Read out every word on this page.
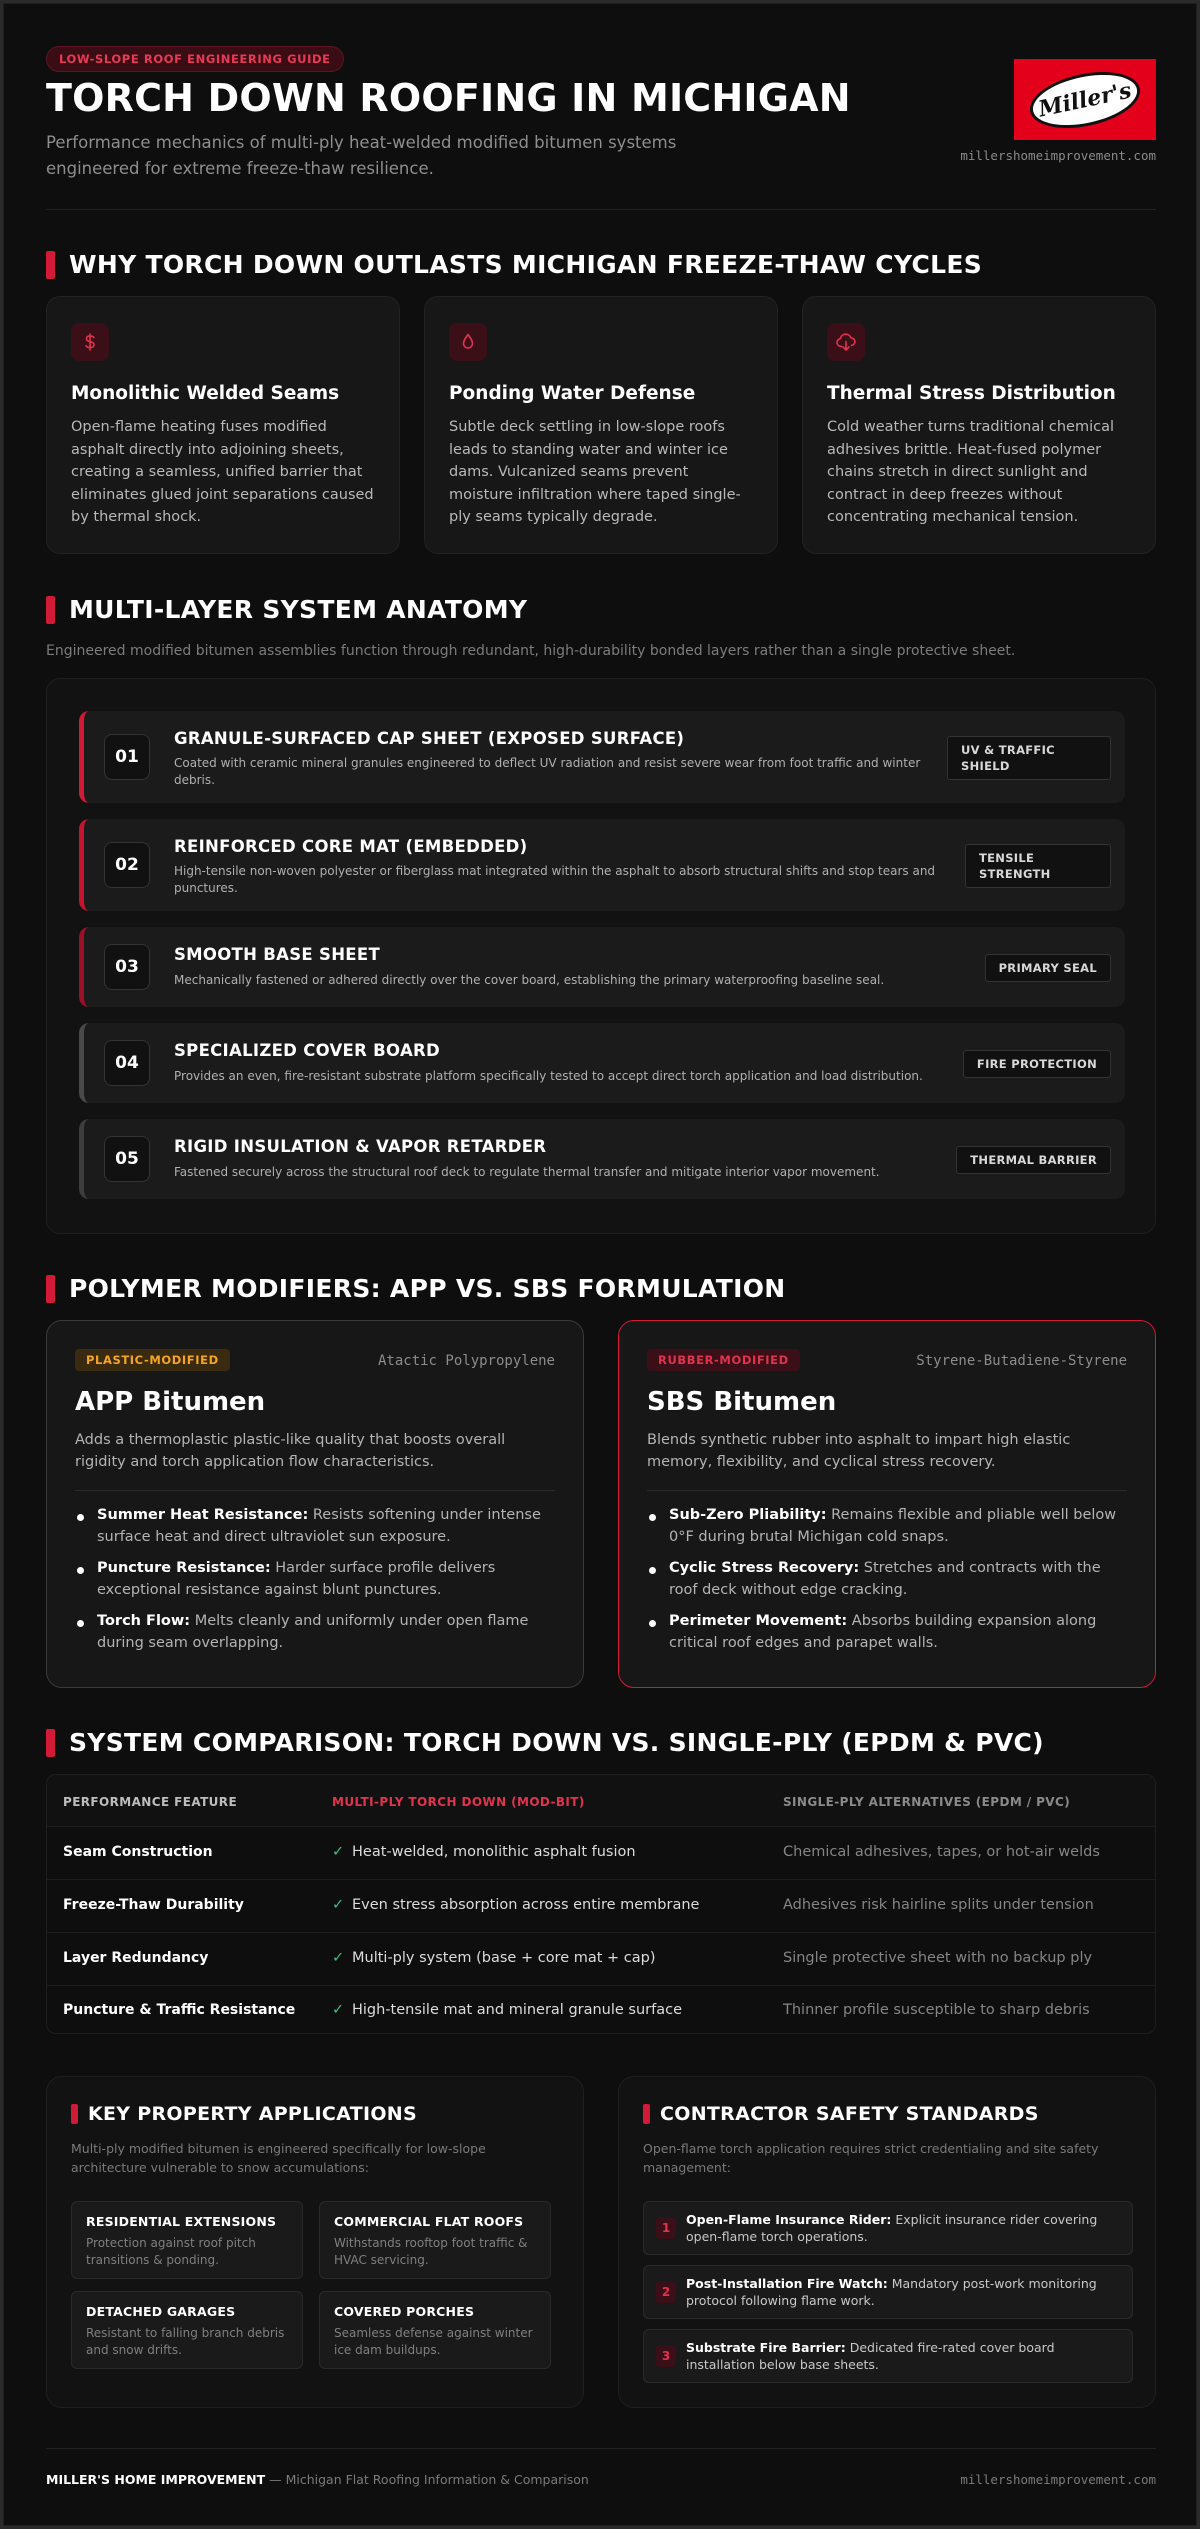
LOW-SLOPE ROOF ENGINEERING GUIDE
TORCH DOWN ROOFING IN MICHIGAN
Performance mechanics of multi-ply heat-welded modified bitumen systems engineered for extreme freeze-thaw resilience.
Miller's
millershomeimprovement.com
WHY TORCH DOWN OUTLASTS MICHIGAN FREEZE-THAW CYCLES
Monolithic Welded Seams

Open-flame heating fuses modified asphalt directly into adjoining sheets, creating a seamless, unified barrier that eliminates glued joint separations caused by thermal shock.

Ponding Water Defense

Subtle deck settling in low-slope roofs leads to standing water and winter ice dams. Vulcanized seams prevent moisture infiltration where taped single-ply seams typically degrade.

Thermal Stress Distribution

Cold weather turns traditional chemical adhesives brittle. Heat-fused polymer chains stretch in direct sunlight and contract in deep freezes without concentrating mechanical tension.

MULTI-LAYER SYSTEM ANATOMY
Engineered modified bitumen assemblies function through redundant, high-durability bonded layers rather than a single protective sheet.
01
GRANULE-SURFACED CAP SHEET (EXPOSED SURFACE)

Coated with ceramic mineral granules engineered to deflect UV radiation and resist severe wear from foot traffic and winter debris.

UV & TRAFFIC SHIELD
02
REINFORCED CORE MAT (EMBEDDED)

High-tensile non-woven polyester or fiberglass mat integrated within the asphalt to absorb structural shifts and stop tears and punctures.

TENSILE STRENGTH
03
SMOOTH BASE SHEET

Mechanically fastened or adhered directly over the cover board, establishing the primary waterproofing baseline seal.

PRIMARY SEAL
04
SPECIALIZED COVER BOARD

Provides an even, fire-resistant substrate platform specifically tested to accept direct torch application and load distribution.

FIRE PROTECTION
05
RIGID INSULATION & VAPOR RETARDER

Fastened securely across the structural roof deck to regulate thermal transfer and mitigate interior vapor movement.

THERMAL BARRIER
POLYMER MODIFIERS: APP VS. SBS FORMULATION
PLASTIC-MODIFIED	Atactic Polypropylene
APP Bitumen
Adds a thermoplastic plastic-like quality that boosts overall rigidity and torch application flow characteristics.
Summer Heat Resistance: Resists softening under intense surface heat and direct ultraviolet sun exposure.
Puncture Resistance: Harder surface profile delivers exceptional resistance against blunt punctures.
Torch Flow: Melts cleanly and uniformly under open flame during seam overlapping.
RUBBER-MODIFIED	Styrene-Butadiene-Styrene
SBS Bitumen
Blends synthetic rubber into asphalt to impart high elastic memory, flexibility, and cyclical stress recovery.
Sub-Zero Pliability: Remains flexible and pliable well below 0°F during brutal Michigan cold snaps.
Cyclic Stress Recovery: Stretches and contracts with the roof deck without edge cracking.
Perimeter Movement: Absorbs building expansion along critical roof edges and parapet walls.
SYSTEM COMPARISON: TORCH DOWN VS. SINGLE-PLY (EPDM & PVC)
PERFORMANCE FEATURE	MULTI-PLY TORCH DOWN (MOD-BIT)	SINGLE-PLY ALTERNATIVES (EPDM / PVC)
Seam Construction	✓ Heat-welded, monolithic asphalt fusion	Chemical adhesives, tapes, or hot-air welds
Freeze-Thaw Durability	✓ Even stress absorption across entire membrane	Adhesives risk hairline splits under tension
Layer Redundancy	✓ Multi-ply system (base + core mat + cap)	Single protective sheet with no backup ply
Puncture & Traffic Resistance	✓ High-tensile mat and mineral granule surface	Thinner profile susceptible to sharp debris
KEY PROPERTY APPLICATIONS
Multi-ply modified bitumen is engineered specifically for low-slope architecture vulnerable to snow accumulations:
RESIDENTIAL EXTENSIONS

Protection against roof pitch transitions & ponding.

COMMERCIAL FLAT ROOFS

Withstands rooftop foot traffic & HVAC servicing.

DETACHED GARAGES

Resistant to falling branch debris and snow drifts.

COVERED PORCHES

Seamless defense against winter ice dam buildups.

CONTRACTOR SAFETY STANDARDS
Open-flame torch application requires strict credentialing and site safety management:
1

Open-Flame Insurance Rider: Explicit insurance rider covering open-flame torch operations.

2

Post-Installation Fire Watch: Mandatory post-work monitoring protocol following flame work.

3

Substrate Fire Barrier: Dedicated fire-rated cover board installation below base sheets.

MILLER'S HOME IMPROVEMENT — Michigan Flat Roofing Information & Comparison	millershomeimprovement.com
